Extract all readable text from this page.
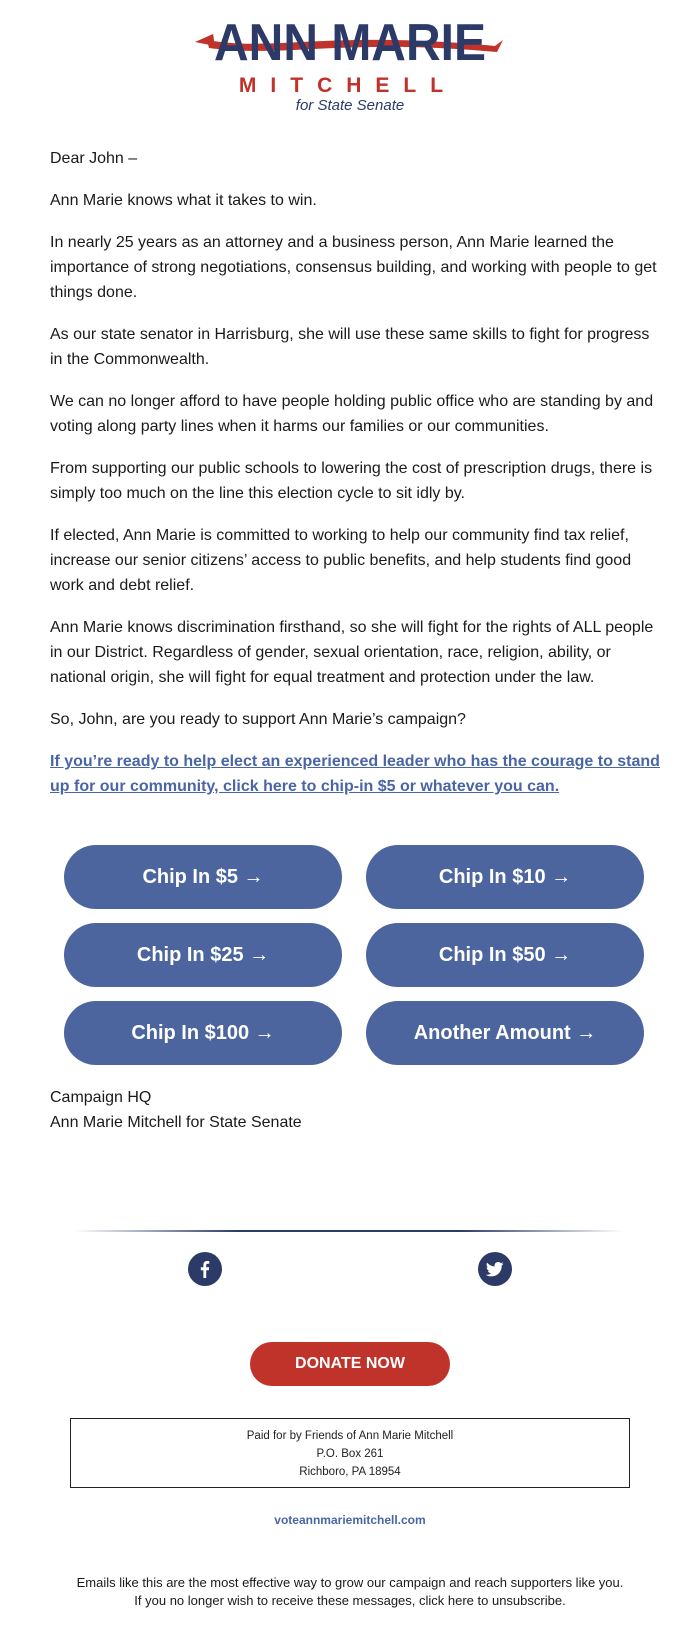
ANN MARIE
MITCHELL
for State Senate

Dear John –

Ann Marie knows what it takes to win.

In nearly 25 years as an attorney and a business person, Ann Marie learned the importance of strong negotiations, consensus building, and working with people to get things done.

As our state senator in Harrisburg, she will use these same skills to fight for progress in the Commonwealth.

We can no longer afford to have people holding public office who are standing by and voting along party lines when it harms our families or our communities.

From supporting our public schools to lowering the cost of prescription drugs, there is simply too much on the line this election cycle to sit idly by.

If elected, Ann Marie is committed to working to help our community find tax relief, increase our senior citizens’ access to public benefits, and help students find good work and debt relief.

Ann Marie knows discrimination firsthand, so she will fight for the rights of ALL people in our District. Regardless of gender, sexual orientation, race, religion, ability, or national origin, she will fight for equal treatment and protection under the law.

So, John, are you ready to support Ann Marie’s campaign?

If you’re ready to help elect an experienced leader who has the courage to stand up for our community, click here to chip-in $5 or whatever you can.
Chip In $5 →	Chip In $10 →
Chip In $25 →	Chip In $50 →
Chip In $100 →	Another Amount →
Campaign HQ
Ann Marie Mitchell for State Senate
DONATE NOW
Paid for by Friends of Ann Marie Mitchell
P.O. Box 261
Richboro, PA 18954
voteannmariemitchell.com
Emails like this are the most effective way to grow our campaign and reach supporters like you.
If you no longer wish to receive these messages, click here to unsubscribe.
